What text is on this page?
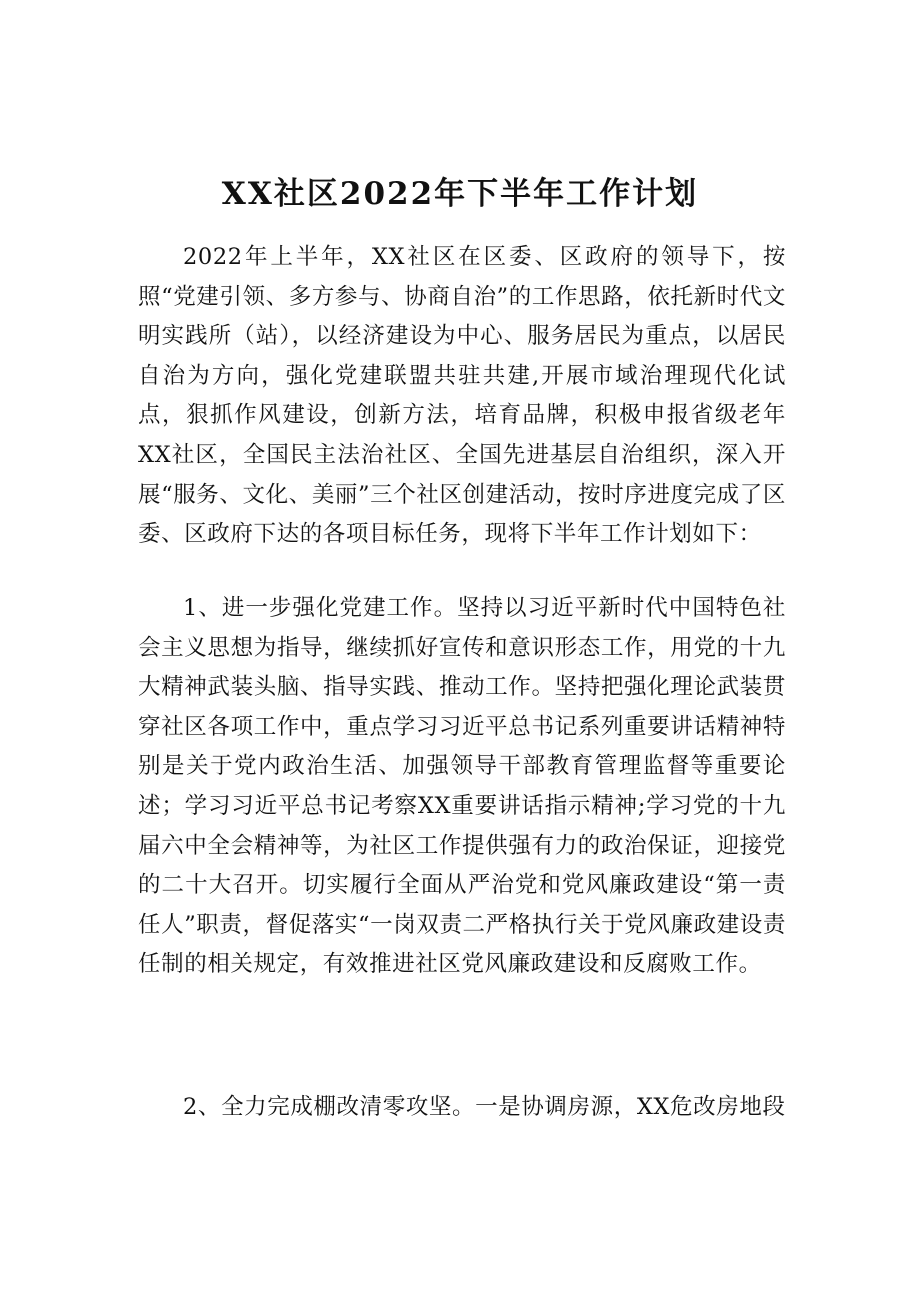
XX社区2022年下半年工作计划

2022年上半年，XX社区在区委、区政府的领导下，按照“党建引领、多方参与、协商自治”的工作思路，依托新时代文明实践所（站），以经济建设为中心、服务居民为重点，以居民自治为方向，强化党建联盟共驻共建,开展市域治理现代化试点，狠抓作风建设，创新方法，培育品牌，积极申报省级老年XX社区，全国民主法治社区、全国先进基层自治组织，深入开展“服务、文化、美丽”三个社区创建活动，按时序进度完成了区委、区政府下达的各项目标任务，现将下半年工作计划如下：

1、进一步强化党建工作。坚持以习近平新时代中国特色社会主义思想为指导，继续抓好宣传和意识形态工作，用党的十九大精神武装头脑、指导实践、推动工作。坚持把强化理论武装贯穿社区各项工作中，重点学习习近平总书记系列重要讲话精神特别是关于党内政治生活、加强领导干部教育管理监督等重要论述；学习习近平总书记考察XX重要讲话指示精神;学习党的十九届六中全会精神等，为社区工作提供强有力的政治保证，迎接党的二十大召开。切实履行全面从严治党和党风廉政建设“第一责任人”职责，督促落实“一岗双责二严格执行关于党风廉政建设责任制的相关规定，有效推进社区党风廉政建设和反腐败工作。

2、全力完成棚改清零攻坚。一是协调房源，XX危改房地段
